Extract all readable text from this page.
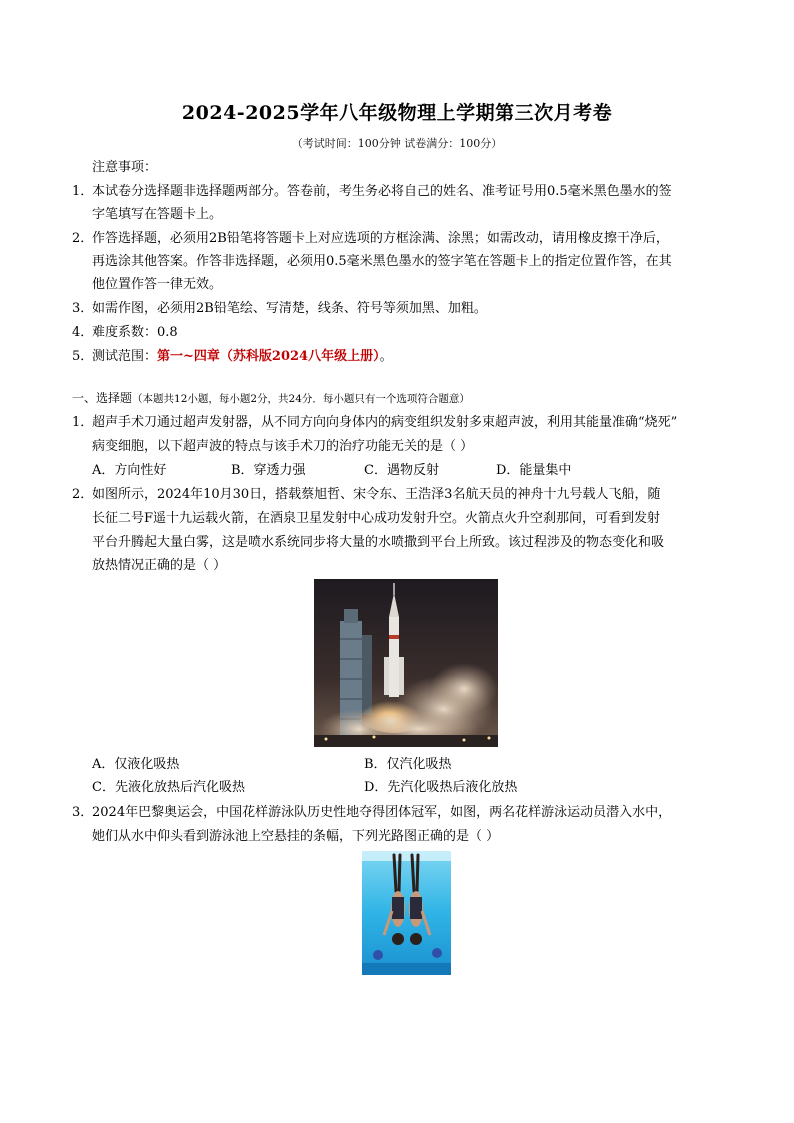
2024-2025学年八年级物理上学期第三次月考卷
（考试时间：100分钟 试卷满分：100分）
注意事项：
1．
本试卷分选择题非选择题两部分。答卷前，考生务必将自己的姓名、准考证号用0.5毫米黑色墨水的签
字笔填写在答题卡上。
2．
作答选择题，必须用2B铅笔将答题卡上对应选项的方框涂满、涂黑；如需改动，请用橡皮擦干净后，
再选涂其他答案。作答非选择题，必须用0.5毫米黑色墨水的签字笔在答题卡上的指定位置作答，在其
他位置作答一律无效。
3．
如需作图，必须用2B铅笔绘、写清楚，线条、符号等须加黑、加粗。
4．
难度系数：0.8
5．
测试范围：第一~四章（苏科版2024八年级上册）。
一、选择题（本题共12小题，每小题2分，共24分．每小题只有一个选项符合题意）
1．
超声手术刀通过超声发射器，从不同方向向身体内的病变组织发射多束超声波，利用其能量准确“烧死”
病变细胞，以下超声波的特点与该手术刀的治疗功能无关的是（ ）
A．方向性好	B．穿透力强	C．遇物反射	D．能量集中
2．
如图所示，2024年10月30日，搭载蔡旭哲、宋令东、王浩泽3名航天员的神舟十九号载人飞船，随
长征二号F遥十九运载火箭，在酒泉卫星发射中心成功发射升空。火箭点火升空刹那间，可看到发射
平台升腾起大量白雾，这是喷水系统同步将大量的水喷撒到平台上所致。该过程涉及的物态变化和吸
放热情况正确的是（ ）
A．仅液化吸热	B．仅汽化吸热
C．先液化放热后汽化吸热	D．先汽化吸热后液化放热
3．
2024年巴黎奥运会，中国花样游泳队历史性地夺得团体冠军，如图，两名花样游泳运动员潜入水中，
她们从水中仰头看到游泳池上空悬挂的条幅，下列光路图正确的是（ ）
